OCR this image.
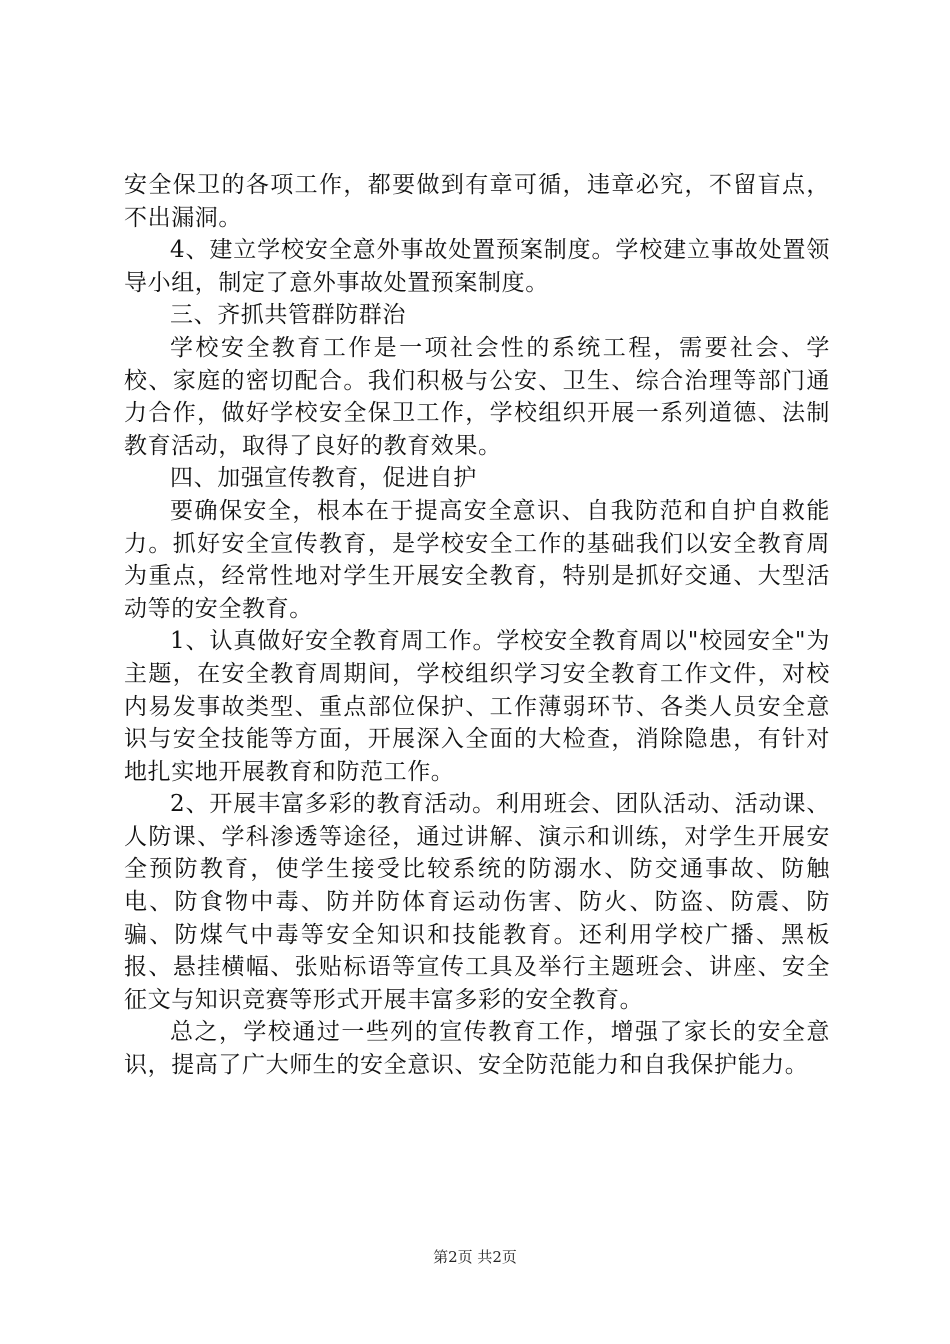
安全保卫的各项工作，都要做到有章可循，违章必究，不留盲点，不出漏洞。

4、建立学校安全意外事故处置预案制度。学校建立事故处置领导小组，制定了意外事故处置预案制度。

三、齐抓共管群防群治

学校安全教育工作是一项社会性的系统工程，需要社会、学校、家庭的密切配合。我们积极与公安、卫生、综合治理等部门通力合作，做好学校安全保卫工作，学校组织开展一系列道德、法制教育活动，取得了良好的教育效果。

四、加强宣传教育，促进自护

要确保安全，根本在于提高安全意识、自我防范和自护自救能力。抓好安全宣传教育，是学校安全工作的基础我们以安全教育周为重点，经常性地对学生开展安全教育，特别是抓好交通、大型活动等的安全教育。

1、认真做好安全教育周工作。学校安全教育周以"校园安全"为主题，在安全教育周期间，学校组织学习安全教育工作文件，对校内易发事故类型、重点部位保护、工作薄弱环节、各类人员安全意识与安全技能等方面，开展深入全面的大检查，消除隐患，有针对地扎实地开展教育和防范工作。

2、开展丰富多彩的教育活动。利用班会、团队活动、活动课、人防课、学科渗透等途径，通过讲解、演示和训练，对学生开展安全预防教育，使学生接受比较系统的防溺水、防交通事故、防触电、防食物中毒、防并防体育运动伤害、防火、防盗、防震、防骗、防煤气中毒等安全知识和技能教育。还利用学校广播、黑板报、悬挂横幅、张贴标语等宣传工具及举行主题班会、讲座、安全征文与知识竞赛等形式开展丰富多彩的安全教育。

总之，学校通过一些列的宣传教育工作，增强了家长的安全意识，提高了广大师生的安全意识、安全防范能力和自我保护能力。

第2页 共2页
